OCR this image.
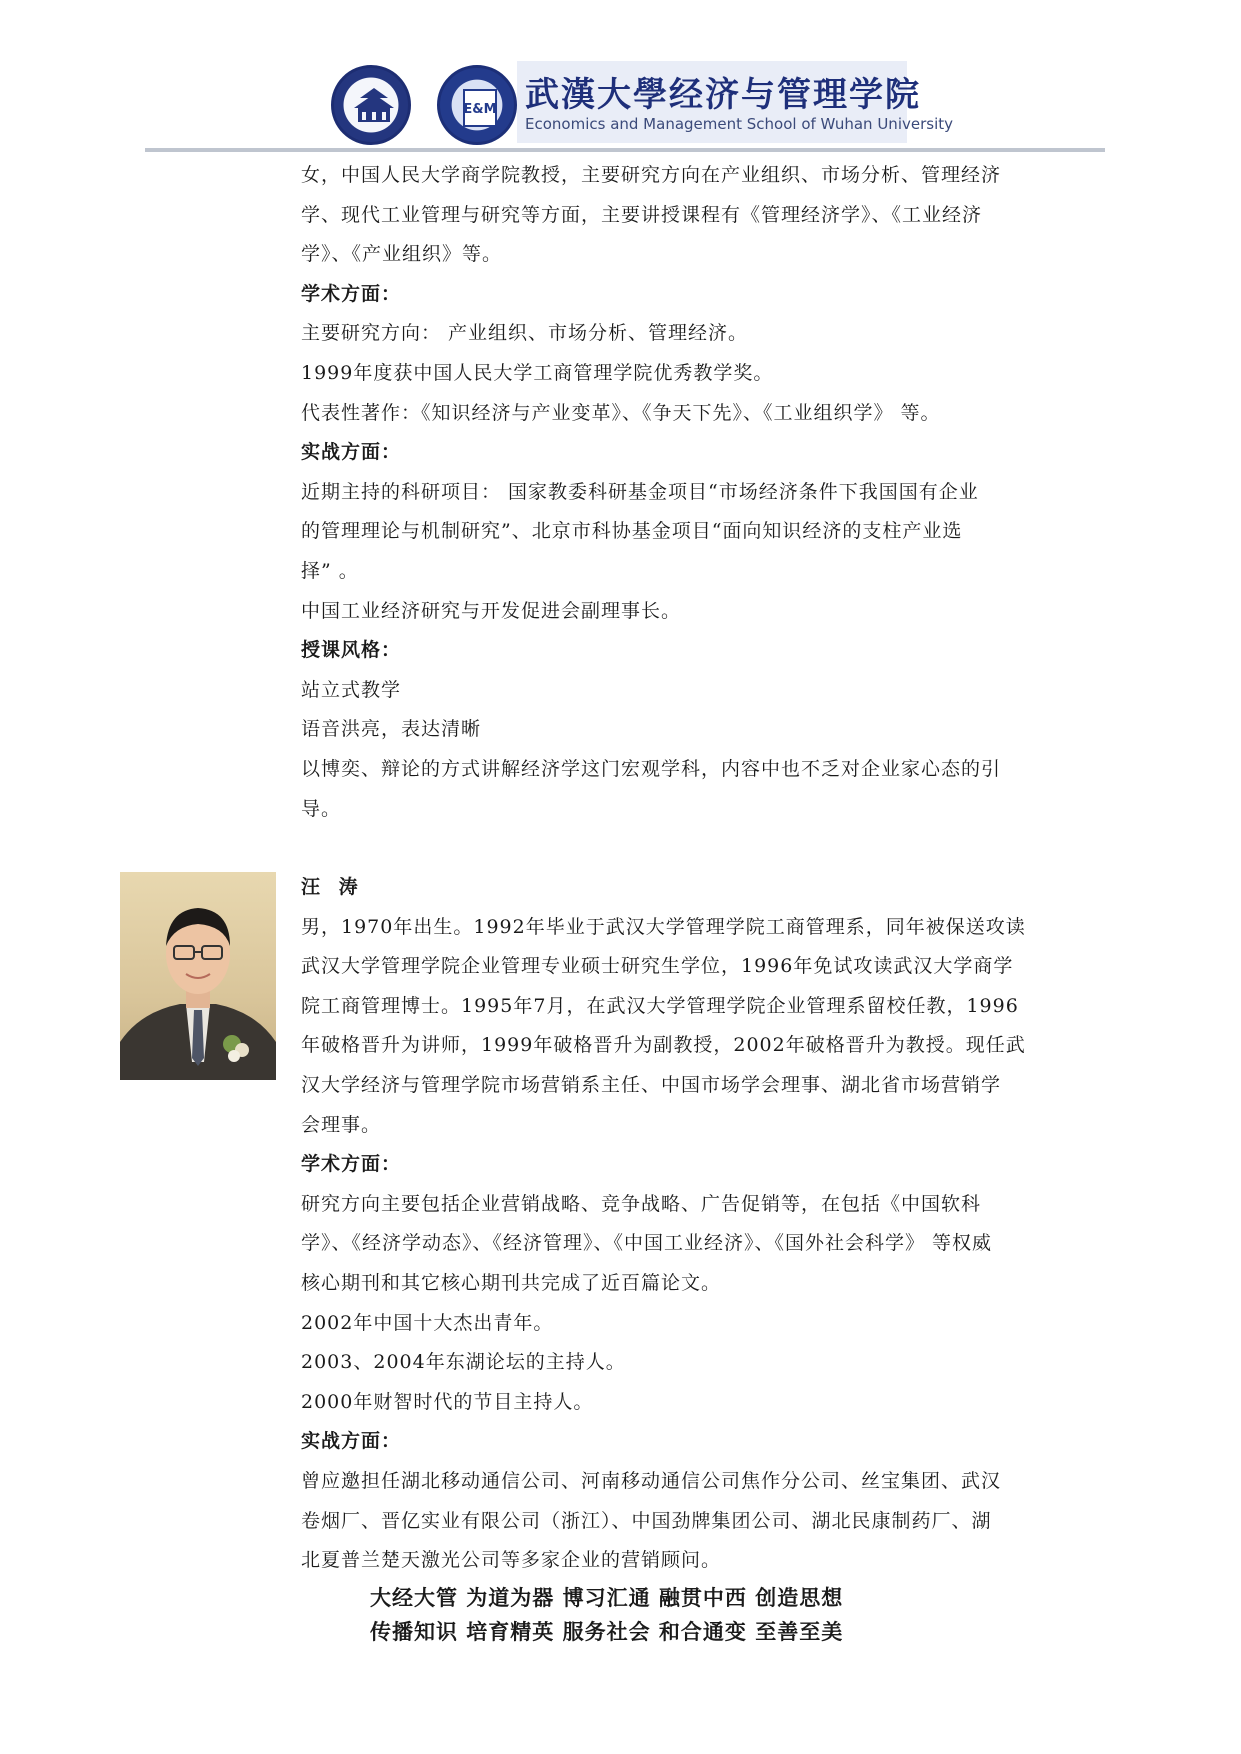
E&M 武漢大學经济与管理学院
Economics and Management School of Wuhan University

女，中国人民大学商学院教授，主要研究方向在产业组织、市场分析、管理经济

学、现代工业管理与研究等方面，主要讲授课程有《管理经济学》、《工业经济

学》、《产业组织》等。

学术方面：

主要研究方向： 产业组织、市场分析、管理经济。

1999年度获中国人民大学工商管理学院优秀教学奖。

代表性著作：《知识经济与产业变革》、《争天下先》、《工业组织学》 等。

实战方面：

近期主持的科研项目： 国家教委科研基金项目“市场经济条件下我国国有企业

的管理理论与机制研究”、北京市科协基金项目“面向知识经济的支柱产业选

择” 。

中国工业经济研究与开发促进会副理事长。

授课风格：

站立式教学

语音洪亮，表达清晰

以博奕、辩论的方式讲解经济学这门宏观学科，内容中也不乏对企业家心态的引

导。

汪 涛

男，1970年出生。1992年毕业于武汉大学管理学院工商管理系，同年被保送攻读

武汉大学管理学院企业管理专业硕士研究生学位，1996年免试攻读武汉大学商学

院工商管理博士。1995年7月，在武汉大学管理学院企业管理系留校任教，1996

年破格晋升为讲师，1999年破格晋升为副教授，2002年破格晋升为教授。现任武

汉大学经济与管理学院市场营销系主任、中国市场学会理事、湖北省市场营销学

会理事。

学术方面：

研究方向主要包括企业营销战略、竞争战略、广告促销等，在包括《中国软科

学》、《经济学动态》、《经济管理》、《中国工业经济》、《国外社会科学》 等权威

核心期刊和其它核心期刊共完成了近百篇论文。

2002年中国十大杰出青年。

2003、2004年东湖论坛的主持人。

2000年财智时代的节目主持人。

实战方面：

曾应邀担任湖北移动通信公司、河南移动通信公司焦作分公司、丝宝集团、武汉

卷烟厂、晋亿实业有限公司（浙江）、中国劲牌集团公司、湖北民康制药厂、湖

北夏普兰楚天激光公司等多家企业的营销顾问。

大经大管 为道为器 博习汇通 融贯中西 创造思想
传播知识 培育精英 服务社会 和合通变 至善至美
